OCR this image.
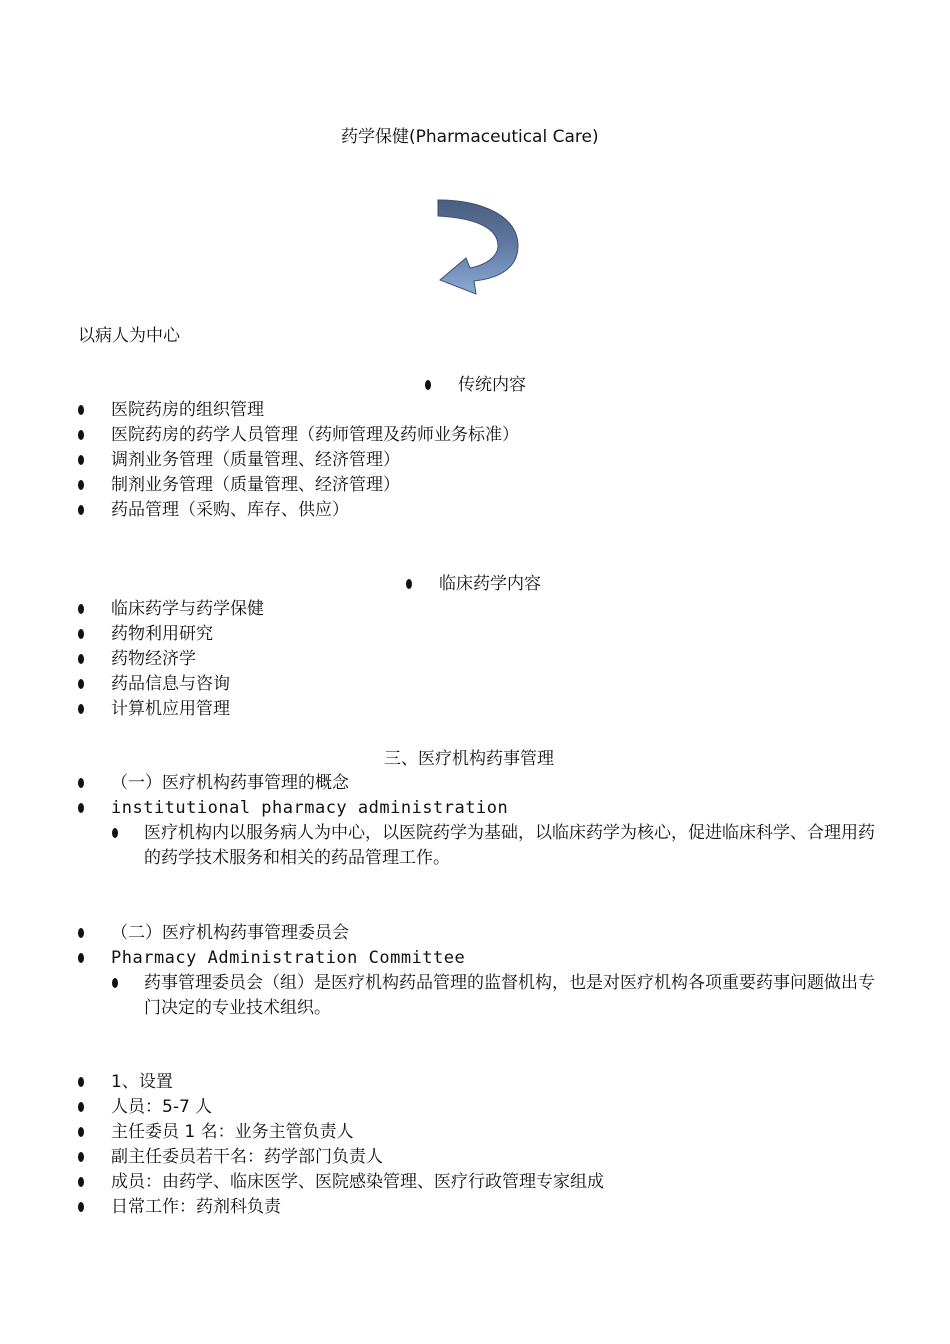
药学保健(Pharmaceutical Care)
以病人为中心
传统内容
医院药房的组织管理
医院药房的药学人员管理（药师管理及药师业务标准）
调剂业务管理（质量管理、经济管理）
制剂业务管理（质量管理、经济管理）
药品管理（采购、库存、供应）
临床药学内容
临床药学与药学保健
药物利用研究
药物经济学
药品信息与咨询
计算机应用管理
三、医疗机构药事管理
（一）医疗机构药事管理的概念
institutional pharmacy administration
医疗机构内以服务病人为中心，以医院药学为基础，以临床药学为核心，促进临床科学、合理用药的药学技术服务和相关的药品管理工作。
（二）医疗机构药事管理委员会
Pharmacy Administration Committee
药事管理委员会（组）是医疗机构药品管理的监督机构，也是对医疗机构各项重要药事问题做出专门决定的专业技术组织。
1、设置
人员：5-7 人
主任委员 1 名：业务主管负责人
副主任委员若干名：药学部门负责人
成员：由药学、临床医学、医院感染管理、医疗行政管理专家组成
日常工作：药剂科负责
